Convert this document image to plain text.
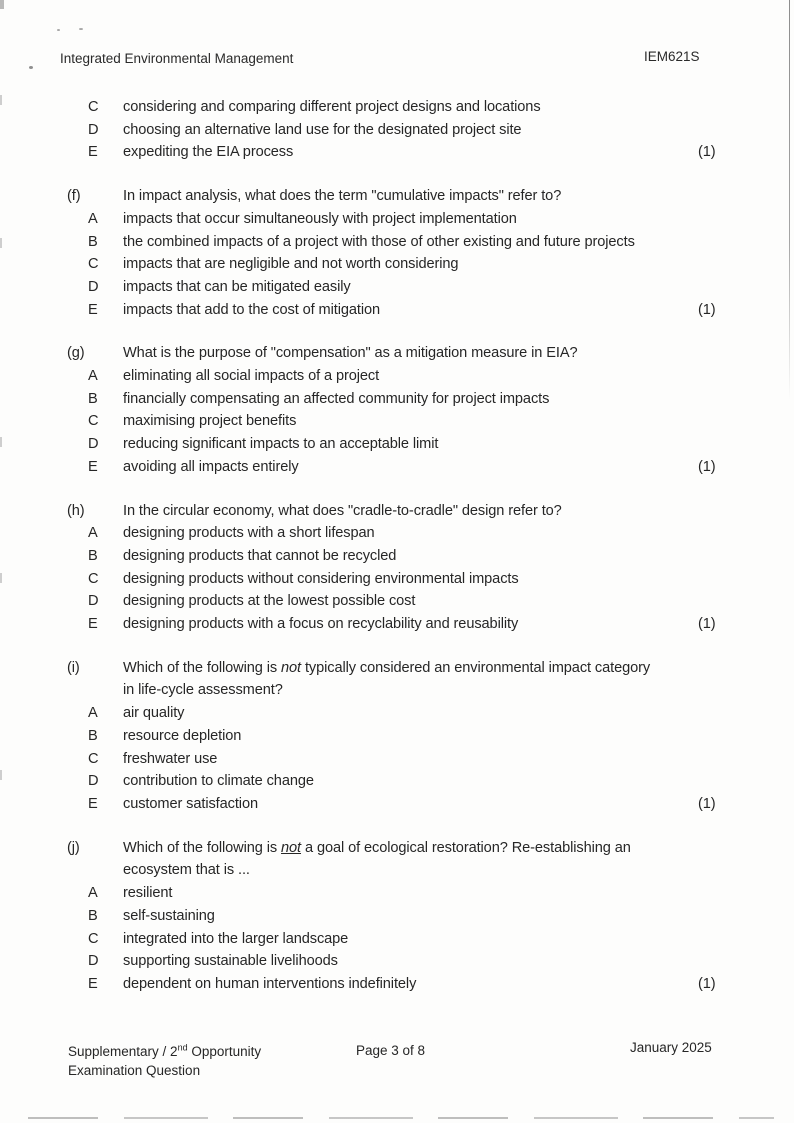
Integrated Environmental Management	IEM621S
C considering and comparing different project designs and locations
D choosing an alternative land use for the designated project site
E expediting the EIA process	(1)
(f)	In impact analysis, what does the term "cumulative impacts" refer to?
A impacts that occur simultaneously with project implementation
B the combined impacts of a project with those of other existing and future projects
C impacts that are negligible and not worth considering
D impacts that can be mitigated easily
E impacts that add to the cost of mitigation	(1)
(g)	What is the purpose of "compensation" as a mitigation measure in EIA?
A eliminating all social impacts of a project
B financially compensating an affected community for project impacts
C maximising project benefits
D reducing significant impacts to an acceptable limit
E avoiding all impacts entirely	(1)
(h)	In the circular economy, what does "cradle-to-cradle" design refer to?
A designing products with a short lifespan
B designing products that cannot be recycled
C designing products without considering environmental impacts
D designing products at the lowest possible cost
E designing products with a focus on recyclability and reusability	(1)
(i)	Which of the following is not typically considered an environmental impact category
in life-cycle assessment?
A air quality
B resource depletion
C freshwater use
D contribution to climate change
E customer satisfaction	(1)
(j)	Which of the following is not a goal of ecological restoration? Re-establishing an
ecosystem that is ...
A resilient
B self-sustaining
C integrated into the larger landscape
D supporting sustainable livelihoods
E dependent on human interventions indefinitely	(1)
Supplementary / 2nd Opportunity
Examination Question
Page 3 of 8	January 2025
